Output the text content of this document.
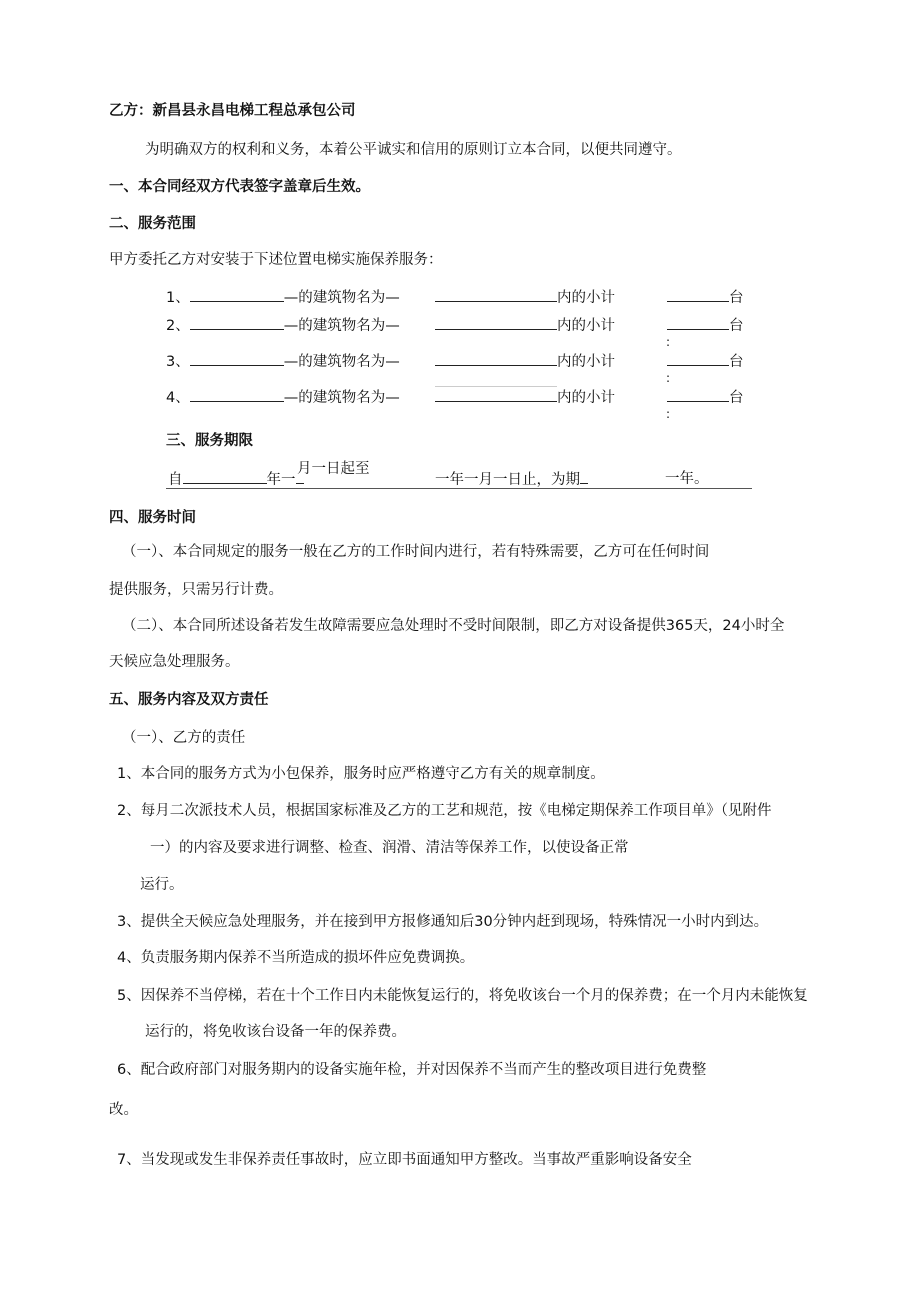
乙方：新昌县永昌电梯工程总承包公司
为明确双方的权利和义务，本着公平诚实和信用的原则订立本合同，以便共同遵守。
一、本合同经双方代表签字盖章后生效。
二、服务范围
甲方委托乙方对安装于下述位置电梯实施保养服务：
1、	—的建筑物名为—	内的小计	台
2、	—的建筑物名为—	内的小计	台
:
3、	—的建筑物名为—	内的小计	台
:
4、	—的建筑物名为—	内的小计	台
:
三、服务期限
自	年一
月一日起至
一年一月一日止，为期	一年。
四、服务时间
（一）、本合同规定的服务一般在乙方的工作时间内进行，若有特殊需要，乙方可在任何时间
提供服务，只需另行计费。
（二）、本合同所述设备若发生故障需要应急处理时不受时间限制，即乙方对设备提供365天，24小时全
天候应急处理服务。
五、服务内容及双方责任
（一）、乙方的责任
1、本合同的服务方式为小包保养，服务时应严格遵守乙方有关的规章制度。
2、每月二次派技术人员，根据国家标准及乙方的工艺和规范，按《电梯定期保养工作项目单》（见附件
一）的内容及要求进行调整、检查、润滑、清洁等保养工作，以使设备正常
运行。
3、提供全天候应急处理服务，并在接到甲方报修通知后30分钟内赶到现场，特殊情况一小时内到达。
4、负责服务期内保养不当所造成的损坏件应免费调换。
5、因保养不当停梯，若在十个工作日内未能恢复运行的，将免收该台一个月的保养费；在一个月内未能恢复
运行的，将免收该台设备一年的保养费。
6、配合政府部门对服务期内的设备实施年检，并对因保养不当而产生的整改项目进行免费整
改。
7、当发现或发生非保养责任事故时，应立即书面通知甲方整改。当事故严重影响设备安全
